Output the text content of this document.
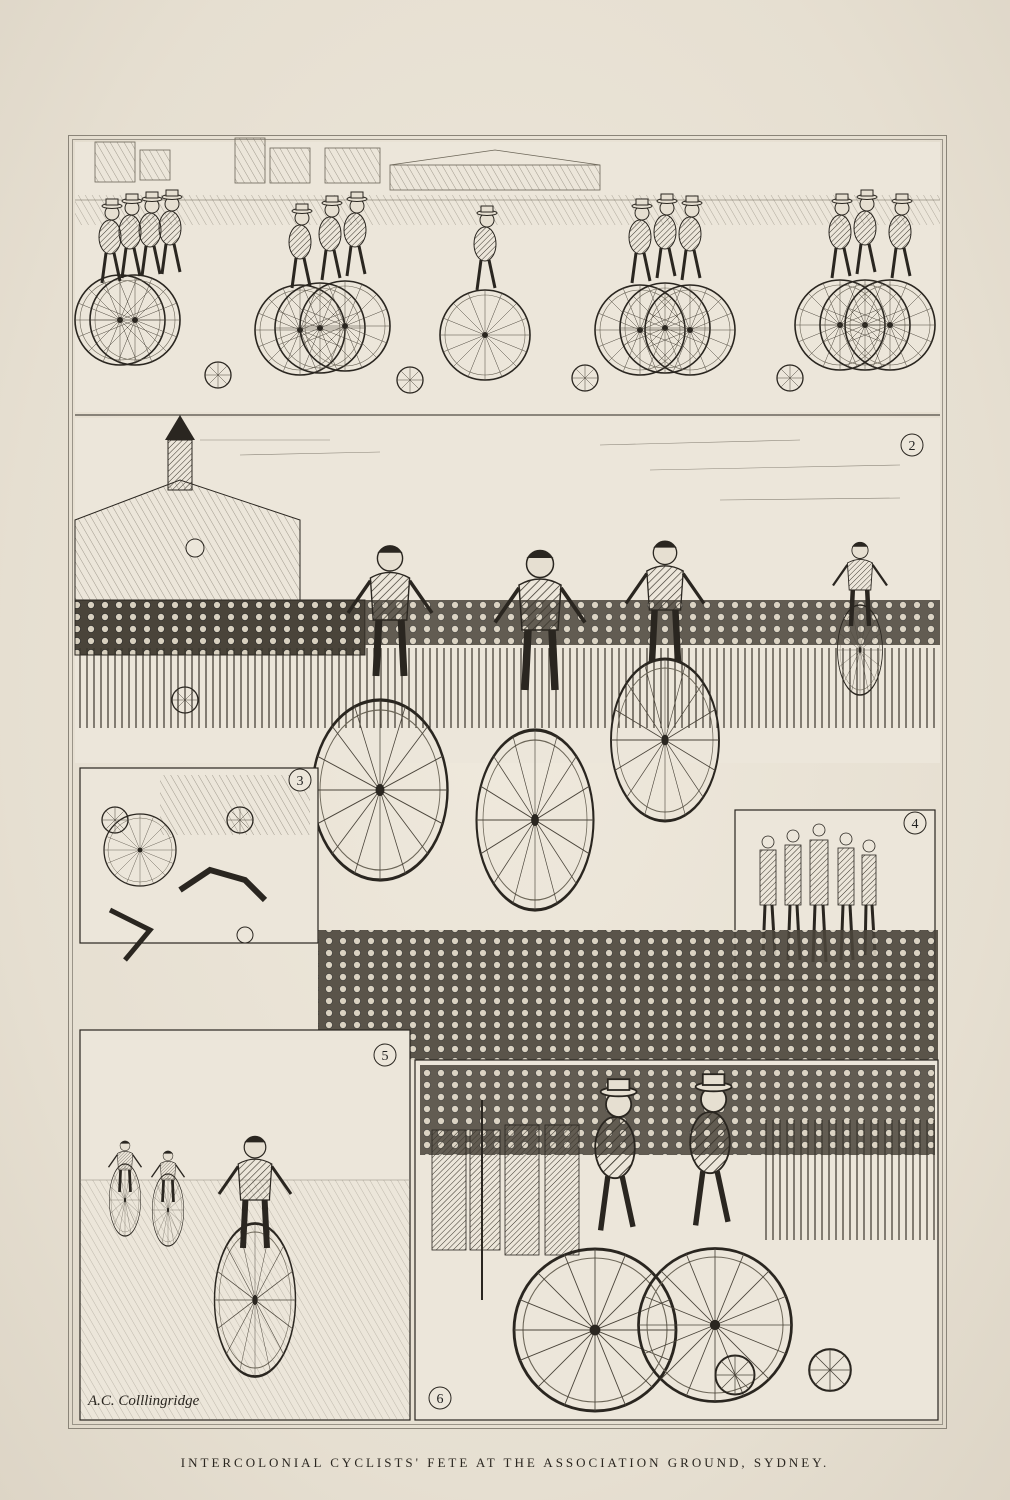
2
3
4
5
6
A.C. Colllingridge
INTERCOLONIAL CYCLISTS' FETE AT THE ASSOCIATION GROUND, SYDNEY.
